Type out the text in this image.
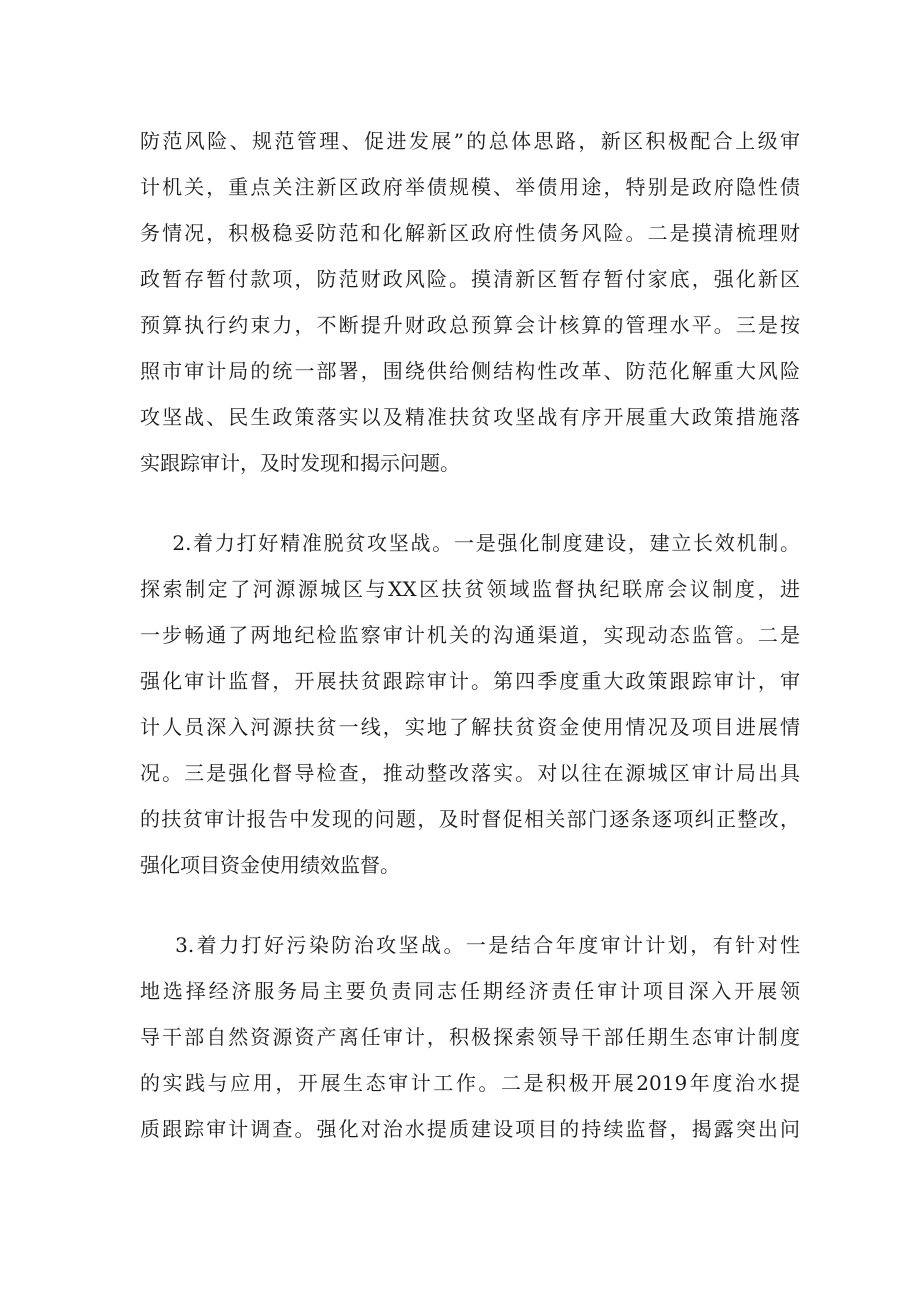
防范风险、规范管理、促进发展”的总体思路，新区积极配合上级审
计机关，重点关注新区政府举债规模、举债用途，特别是政府隐性债
务情况，积极稳妥防范和化解新区政府性债务风险。二是摸清梳理财
政暂存暂付款项，防范财政风险。摸清新区暂存暂付家底，强化新区
预算执行约束力，不断提升财政总预算会计核算的管理水平。三是按
照市审计局的统一部署，围绕供给侧结构性改革、防范化解重大风险
攻坚战、民生政策落实以及精准扶贫攻坚战有序开展重大政策措施落
实跟踪审计，及时发现和揭示问题。
2.着力打好精准脱贫攻坚战。一是强化制度建设，建立长效机制。
探索制定了河源源城区与XX区扶贫领域监督执纪联席会议制度，进
一步畅通了两地纪检监察审计机关的沟通渠道，实现动态监管。二是
强化审计监督，开展扶贫跟踪审计。第四季度重大政策跟踪审计，审
计人员深入河源扶贫一线，实地了解扶贫资金使用情况及项目进展情
况。三是强化督导检查，推动整改落实。对以往在源城区审计局出具
的扶贫审计报告中发现的问题，及时督促相关部门逐条逐项纠正整改，
强化项目资金使用绩效监督。
3.着力打好污染防治攻坚战。一是结合年度审计计划，有针对性
地选择经济服务局主要负责同志任期经济责任审计项目深入开展领
导干部自然资源资产离任审计，积极探索领导干部任期生态审计制度
的实践与应用，开展生态审计工作。二是积极开展2019年度治水提
质跟踪审计调查。强化对治水提质建设项目的持续监督，揭露突出问
